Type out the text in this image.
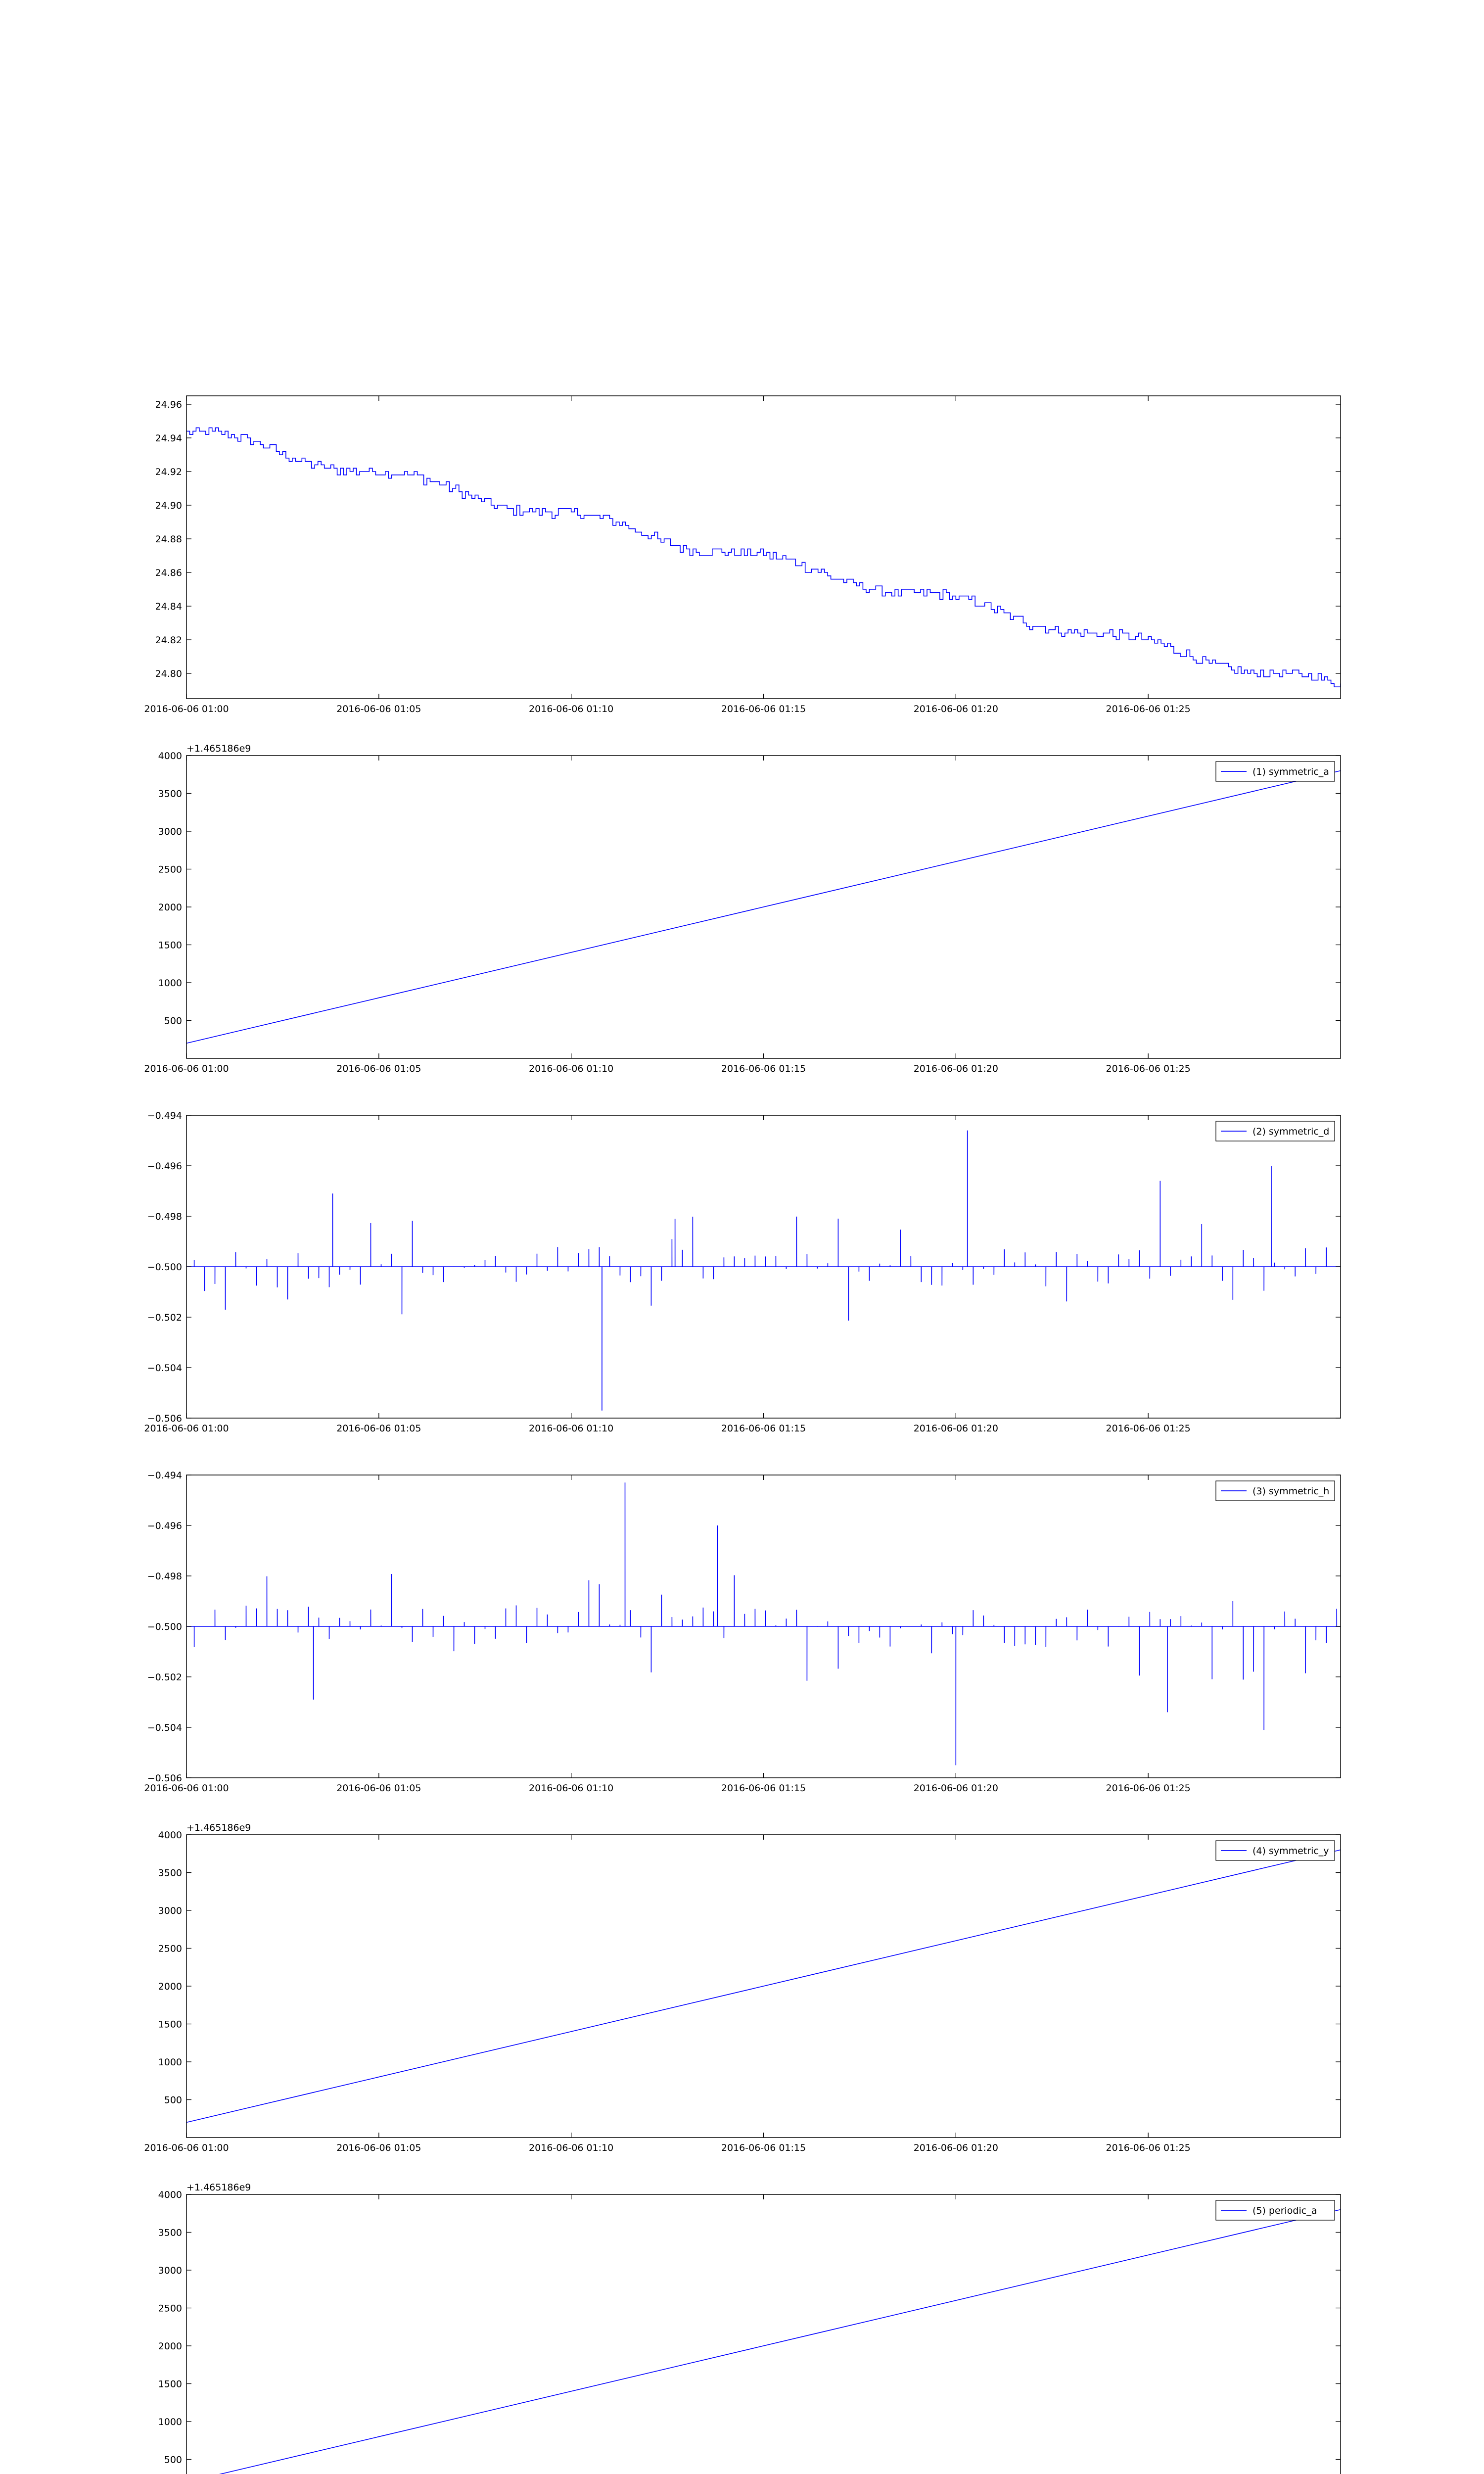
24.80
24.82
24.84
24.86
24.88
24.90
24.92
24.94
24.96
2016-06-06 01:00	2016-06-06 01:05	2016-06-06 01:10	2016-06-06 01:15	2016-06-06 01:20	2016-06-06 01:25
500
1000
1500
2000
2500
3000
3500
4000
2016-06-06 01:00	2016-06-06 01:05	2016-06-06 01:10	2016-06-06 01:15	2016-06-06 01:20	2016-06-06 01:25
+1.465186e9
(1) symmetric_a
−0.506
−0.504
−0.502
−0.500
−0.498
−0.496
−0.494
2016-06-06 01:00	2016-06-06 01:05	2016-06-06 01:10	2016-06-06 01:15	2016-06-06 01:20	2016-06-06 01:25
(2) symmetric_d
−0.506
−0.504
−0.502
−0.500
−0.498
−0.496
−0.494
2016-06-06 01:00	2016-06-06 01:05	2016-06-06 01:10	2016-06-06 01:15	2016-06-06 01:20	2016-06-06 01:25
(3) symmetric_h
500
1000
1500
2000
2500
3000
3500
4000
2016-06-06 01:00	2016-06-06 01:05	2016-06-06 01:10	2016-06-06 01:15	2016-06-06 01:20	2016-06-06 01:25
+1.465186e9
(4) symmetric_y
500
1000
1500
2000
2500
3000
3500
4000
+1.465186e9
(5) periodic_a
